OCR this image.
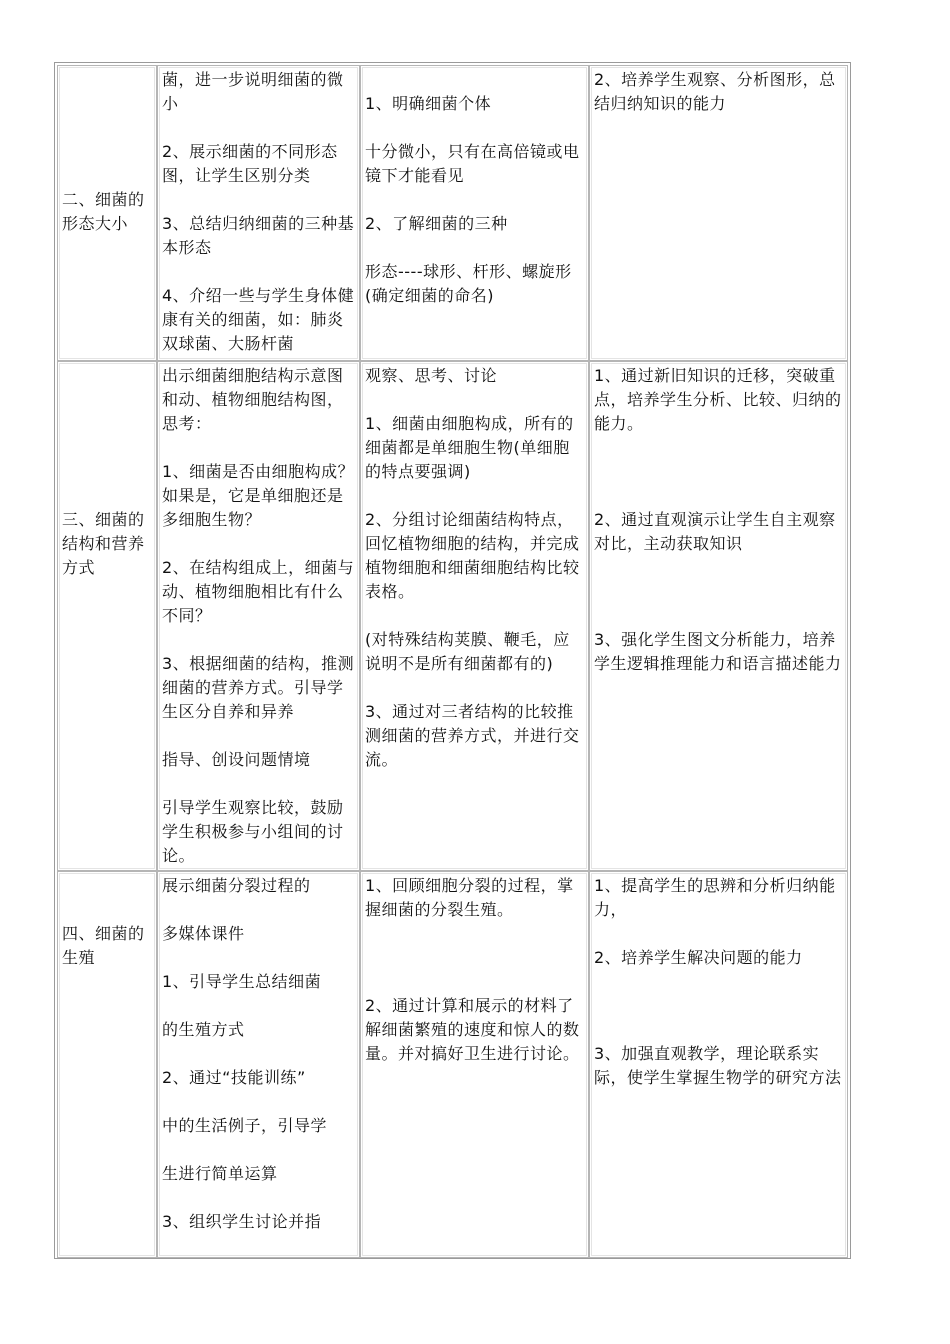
二、细菌的形态大小
菌，进一步说明细菌的微小
2、展示细菌的不同形态图，让学生区别分类
3、总结归纳细菌的三种基本形态
4、介绍一些与学生身体健康有关的细菌，如：肺炎双球菌、大肠杆菌
1、明确细菌个体
十分微小，只有在高倍镜或电镜下才能看见
2、了解细菌的三种
形态----球形、杆形、螺旋形(确定细菌的命名)
2、培养学生观察、分析图形，总结归纳知识的能力
三、细菌的结构和营养方式
出示细菌细胞结构示意图和动、植物细胞结构图，思考：
1、细菌是否由细胞构成？如果是，它是单细胞还是多细胞生物？
2、在结构组成上，细菌与动、植物细胞相比有什么不同？
3、根据细菌的结构，推测细菌的营养方式。引导学生区分自养和异养
指导、创设问题情境
引导学生观察比较，鼓励学生积极参与小组间的讨论。
观察、思考、讨论
1、细菌由细胞构成，所有的细菌都是单细胞生物(单细胞的特点要强调)
2、分组讨论细菌结构特点，回忆植物细胞的结构，并完成植物细胞和细菌细胞结构比较表格。
(对特殊结构荚膜、鞭毛，应说明不是所有细菌都有的)
3、通过对三者结构的比较推测细菌的营养方式，并进行交流。
1、通过新旧知识的迁移，突破重点，培养学生分析、比较、归纳的能力。
2、通过直观演示让学生自主观察对比，主动获取知识
3、强化学生图文分析能力，培养学生逻辑推理能力和语言描述能力
四、细菌的生殖
展示细菌分裂过程的
多媒体课件
1、引导学生总结细菌
的生殖方式
2、通过“技能训练”
中的生活例子，引导学
生进行简单运算
3、组织学生讨论并指
1、回顾细胞分裂的过程，掌握细菌的分裂生殖。
2、通过计算和展示的材料了解细菌繁殖的速度和惊人的数量。并对搞好卫生进行讨论。
1、提高学生的思辨和分析归纳能力，
2、培养学生解决问题的能力
3、加强直观教学，理论联系实际，使学生掌握生物学的研究方法
